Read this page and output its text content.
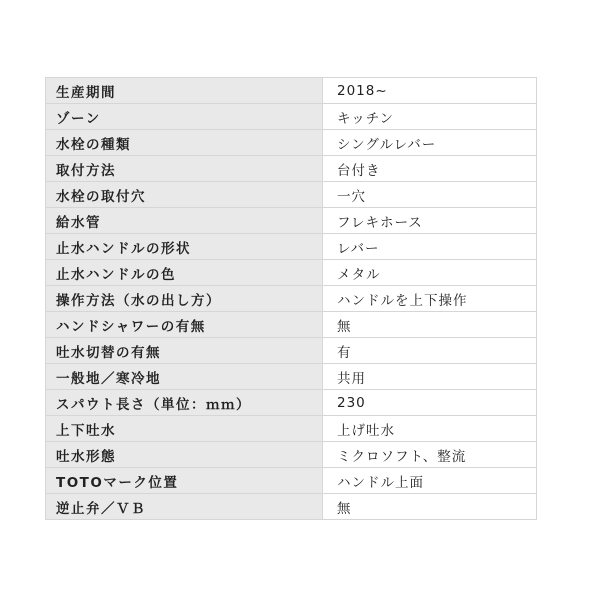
生産期間	2018~
ゾーン	キッチン
水栓の種類	シングルレバー
取付方法	台付き
水栓の取付穴	一穴
給水管	フレキホース
止水ハンドルの形状	レバー
止水ハンドルの色	メタル
操作方法（水の出し方）	ハンドルを上下操作
ハンドシャワーの有無	無
吐水切替の有無	有
一般地／寒冷地	共用
スパウト長さ（単位：ｍｍ）	230
上下吐水	上げ吐水
吐水形態	ミクロソフト、整流
TOTOマーク位置	ハンドル上面
逆止弁／ＶＢ	無
